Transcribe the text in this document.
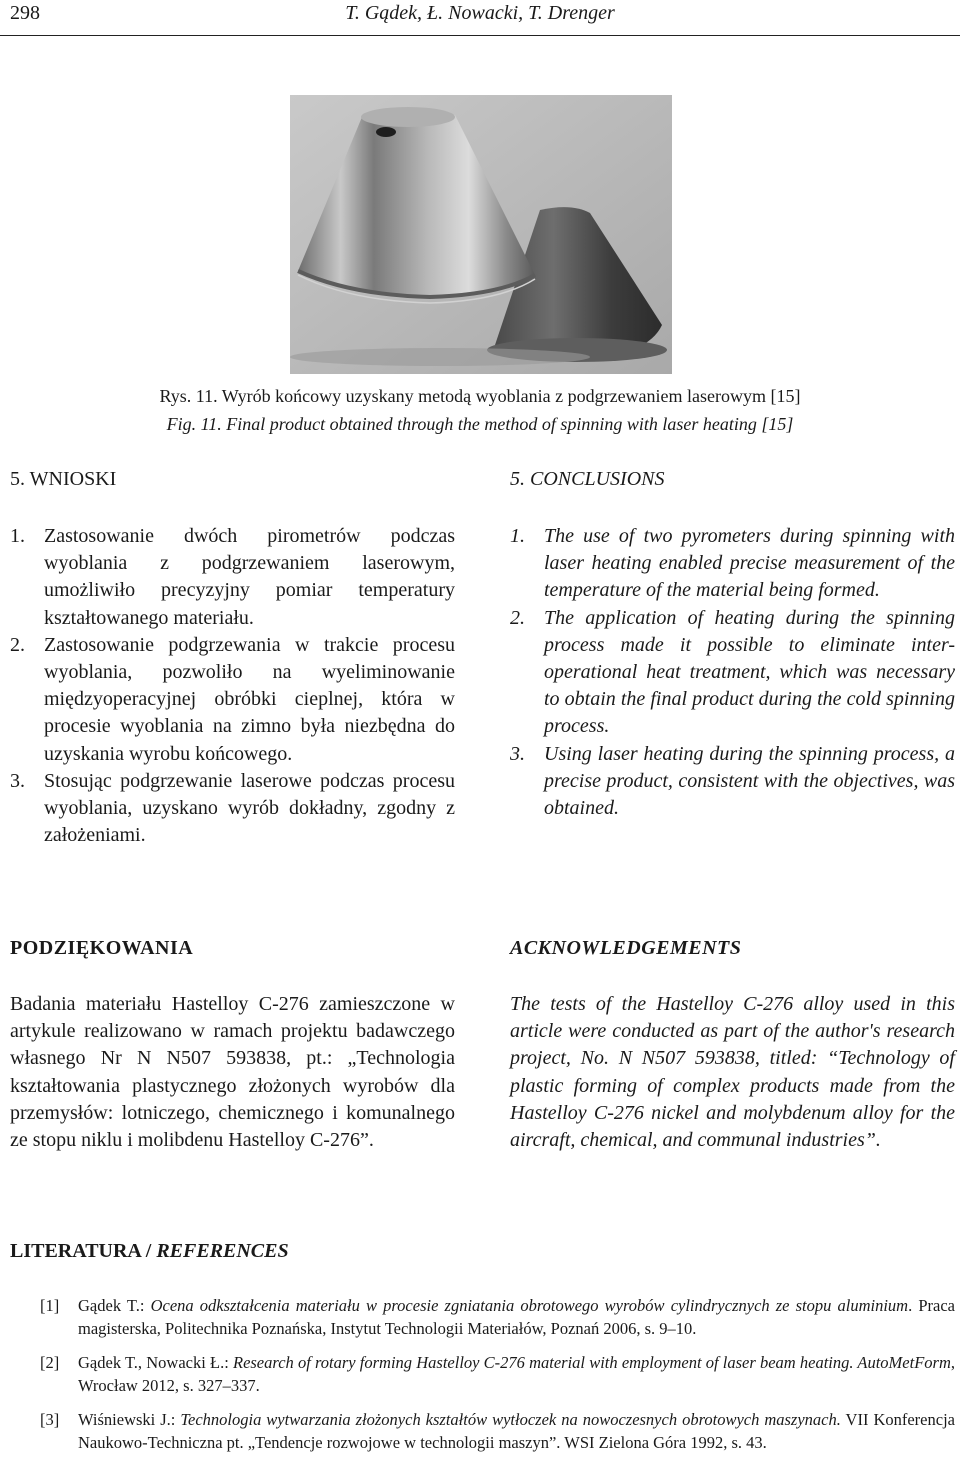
298	T. Gądek, Ł. Nowacki, T. Drenger
Rys. 11. Wyrób końcowy uzyskany metodą wyoblania z podgrzewaniem laserowym [15]
Fig. 11. Final product obtained through the method of spinning with laser heating [15]
5. WNIOSKI
1. Zastosowanie dwóch pirometrów podczas wyoblania z podgrzewaniem laserowym, umożliwiło precyzyjny pomiar temperatury kształtowanego materiału.
2. Zastosowanie podgrzewania w trakcie procesu wyoblania, pozwoliło na wyeliminowanie międzyoperacyjnej obróbki cieplnej, która w procesie wyoblania na zimno była niezbędna do uzyskania wyrobu końcowego.
3. Stosując podgrzewanie laserowe podczas procesu wyoblania, uzyskano wyrób dokładny, zgodny z założeniami.
5. CONCLUSIONS
1. The use of two pyrometers during spinning with laser heating enabled precise measurement of the temperature of the material being formed.
2. The application of heating during the spinning process made it possible to eliminate inter-operational heat treatment, which was necessary to obtain the final product during the cold spinning process.
3. Using laser heating during the spinning process, a precise product, consistent with the objectives, was obtained.
PODZIĘKOWANIA
Badania materiału Hastelloy C-276 zamieszczone w artykule realizowano w ramach projektu badawczego własnego Nr N N507 593838, pt.: „Technologia kształtowania plastycznego złożonych wyrobów dla przemysłów: lotniczego, chemicznego i komunalnego ze stopu niklu i molibdenu Hastelloy C-276”.
ACKNOWLEDGEMENTS
The tests of the Hastelloy C-276 alloy used in this article were conducted as part of the author's research project, No. N N507 593838, titled: “Technology of plastic forming of complex products made from the Hastelloy C-276 nickel and molybdenum alloy for the aircraft, chemical, and communal industries”.
LITERATURA / REFERENCES
[1] Gądek T.: Ocena odkształcenia materiału w procesie zgniatania obrotowego wyrobów cylindrycznych ze stopu aluminium. Praca magisterska, Politechnika Poznańska, Instytut Technologii Materiałów, Poznań 2006, s. 9–10.
[2] Gądek T., Nowacki Ł.: Research of rotary forming Hastelloy C-276 material with employment of laser beam heating. AutoMetForm, Wrocław 2012, s. 327–337.
[3] Wiśniewski J.: Technologia wytwarzania złożonych kształtów wytłoczek na nowoczesnych obrotowych maszynach. VII Konferencja Naukowo-Techniczna pt. „Tendencje rozwojowe w technologii maszyn”. WSI Zielona Góra 1992, s. 43.
